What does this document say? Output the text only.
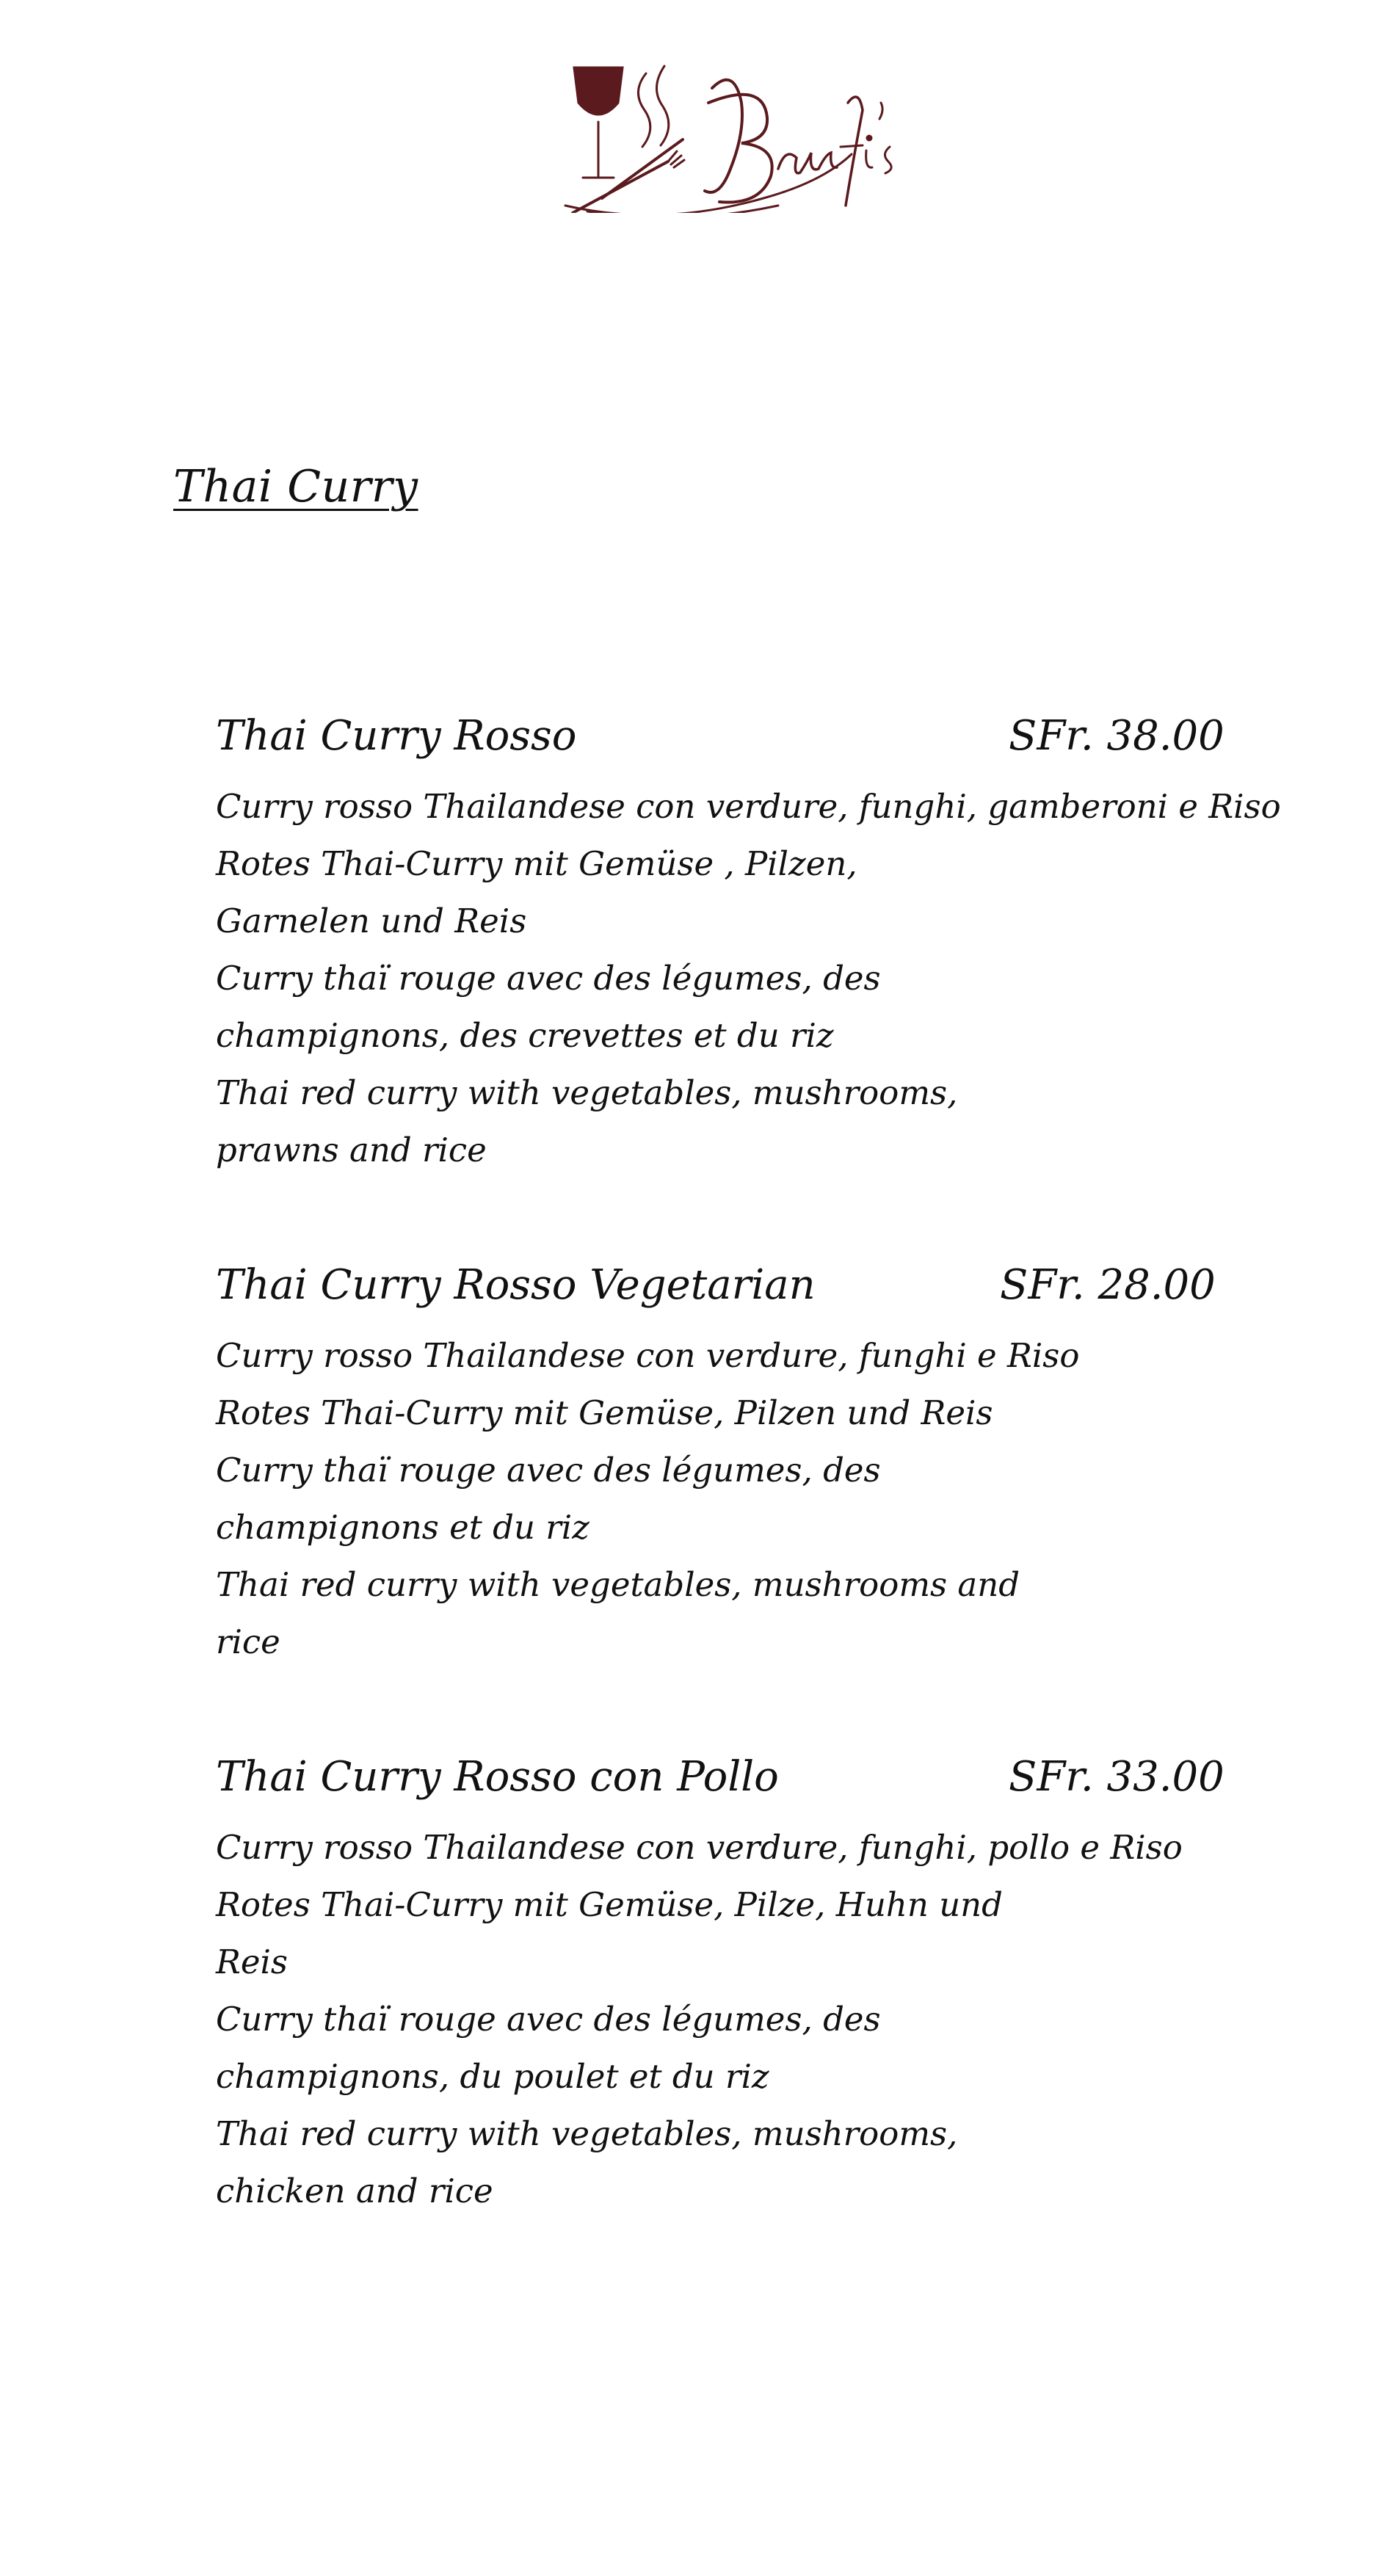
Thai Curry
Thai Curry Rosso	SFr. 38.00
Curry rosso Thailandese con verdure, funghi, gamberoni e Riso
Rotes Thai-Curry mit Gemüse , Pilzen,
Garnelen und Reis
Curry thaï rouge avec des légumes, des
champignons, des crevettes et du riz
Thai red curry with vegetables, mushrooms,
prawns and rice
Thai Curry Rosso Vegetarian	SFr. 28.00
Curry rosso Thailandese con verdure, funghi e Riso
Rotes Thai-Curry mit Gemüse, Pilzen und Reis
Curry thaï rouge avec des légumes, des
champignons et du riz
Thai red curry with vegetables, mushrooms and
rice
Thai Curry Rosso con Pollo	SFr. 33.00
Curry rosso Thailandese con verdure, funghi, pollo e Riso
Rotes Thai-Curry mit Gemüse, Pilze, Huhn und
Reis
Curry thaï rouge avec des légumes, des
champignons, du poulet et du riz
Thai red curry with vegetables, mushrooms,
chicken and rice
